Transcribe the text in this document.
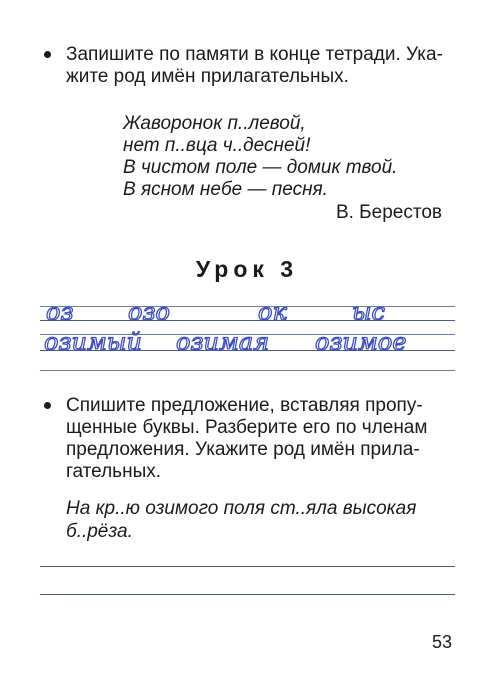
Запишите по памяти в конце тетради. Ука-
жите род имён прилагательных.
Жаворонок п..левой,
нет п..вца ч..десней!
В чистом поле — домик твой.
В ясном небе — песня.
В. Берестов
Урок 3
оз озо	ок	ыс
озимый озимая озимое
Спишите предложение, вставляя пропу-
щенные буквы. Разберите его по членам
предложения. Укажите род имён прила-
гательных.
На кр..ю озимого поля ст..яла высокая
б..рёза.
53
